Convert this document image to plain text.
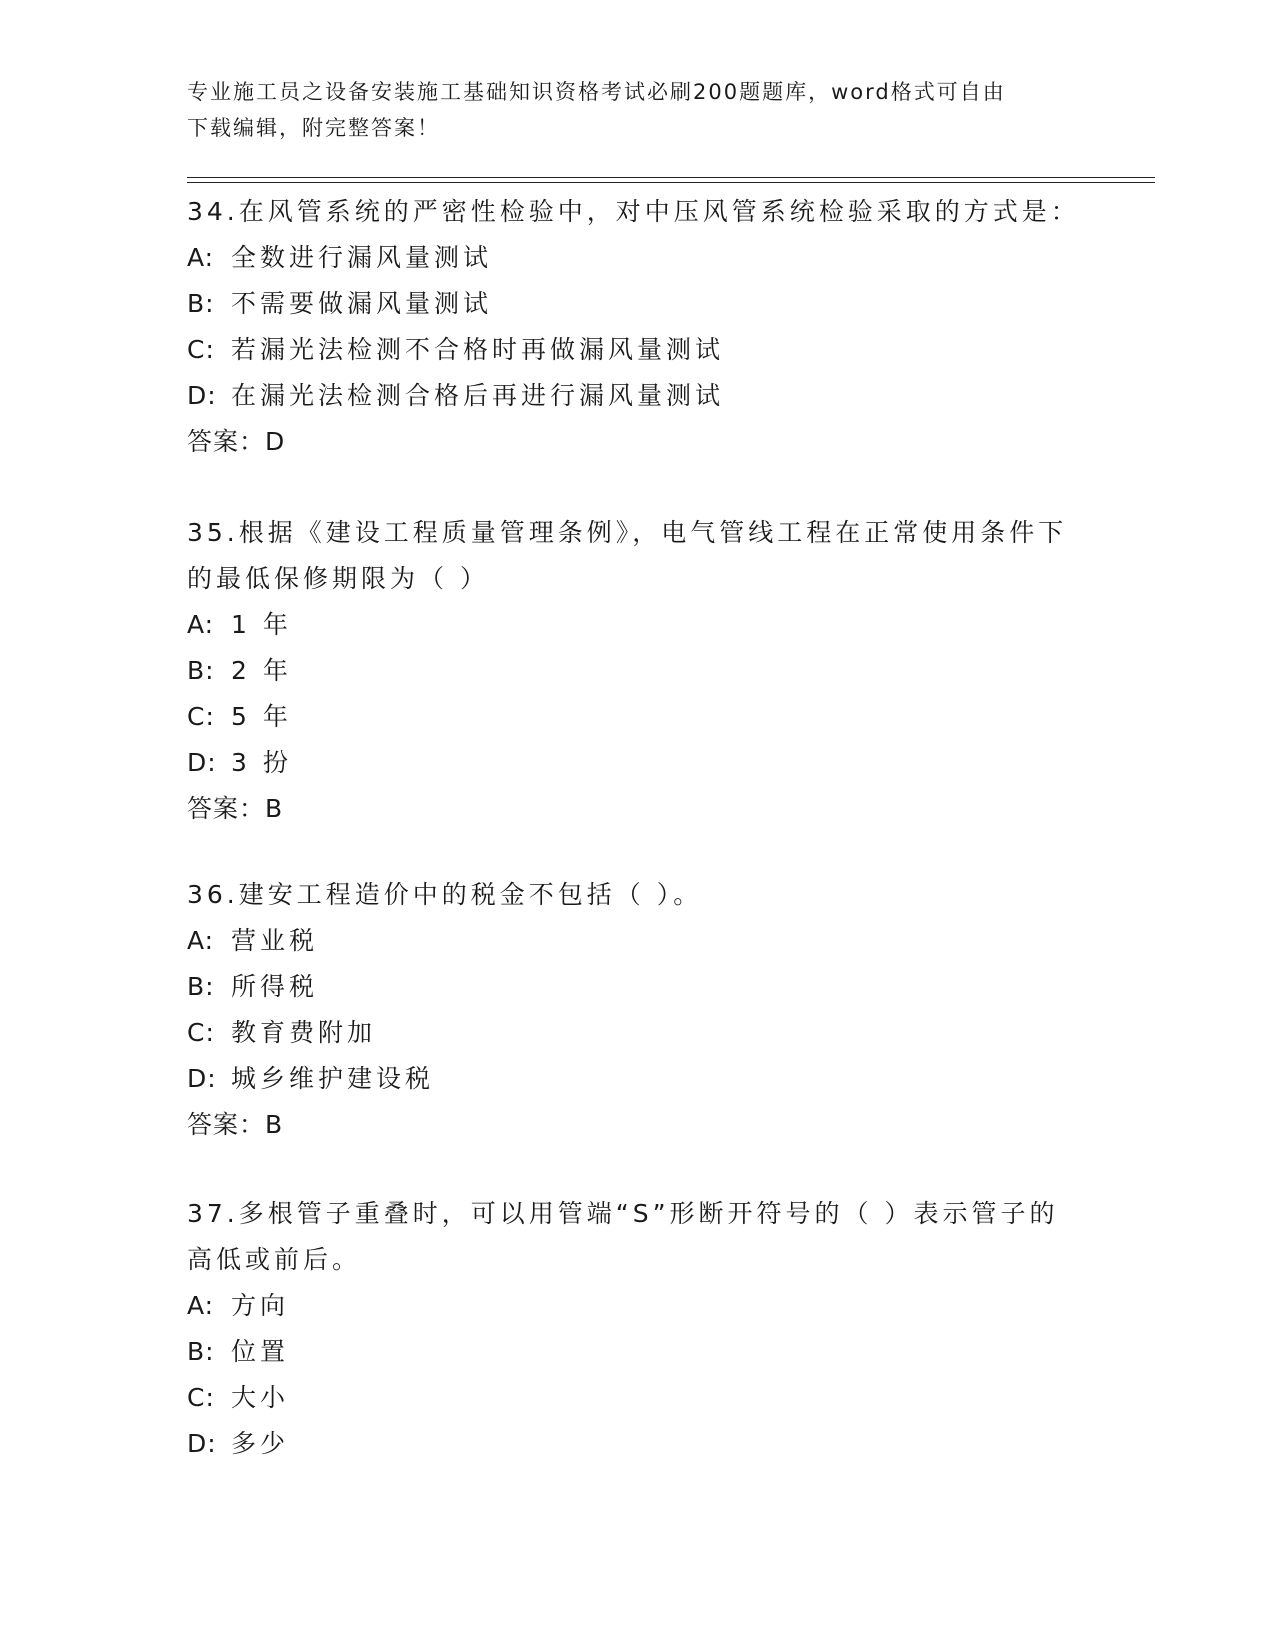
专业施工员之设备安装施工基础知识资格考试必刷200题题库，word格式可自由
下载编辑，附完整答案！

34.在风管系统的严密性检验中，对中压风管系统检验采取的方式是：

A: 全数进行漏风量测试

B: 不需要做漏风量测试

C: 若漏光法检测不合格时再做漏风量测试

D: 在漏光法检测合格后再进行漏风量测试

答案：D

35.根据《建设工程质量管理条例》，电气管线工程在正常使用条件下的最低保修期限为（ ）

A: 1 年

B: 2 年

C: 5 年

D: 3 扮

答案：B

36.建安工程造价中的税金不包括（ ）。

A: 营业税

B: 所得税

C: 教育费附加

D: 城乡维护建设税

答案：B

37.多根管子重叠时，可以用管端“S”形断开符号的（ ）表示管子的高低或前后。

A: 方向

B: 位置

C: 大小

D: 多少
